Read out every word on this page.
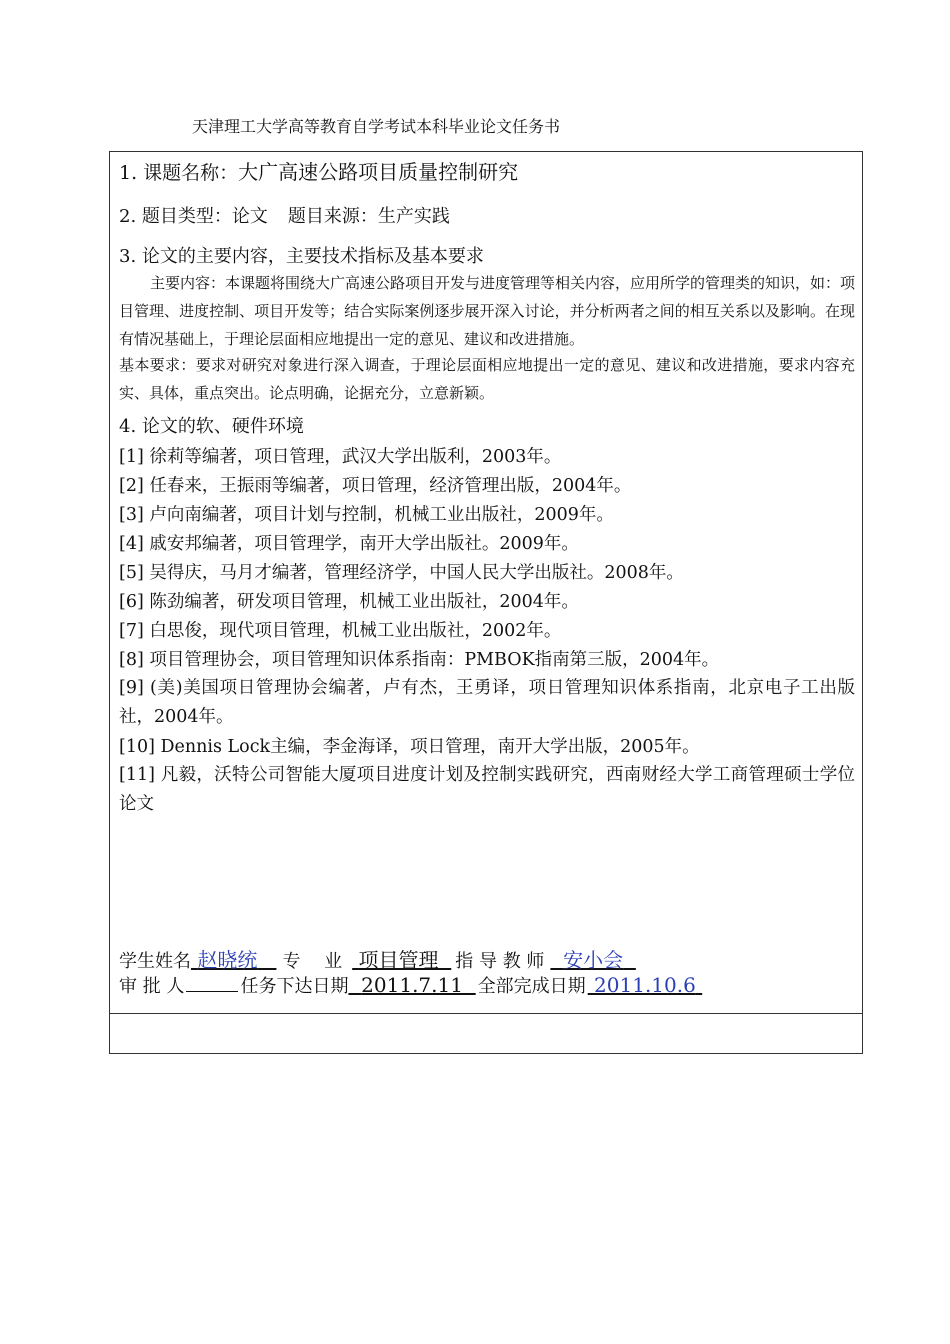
天津理工大学高等教育自学考试本科毕业论文任务书
1. 课题名称：大广高速公路项目质量控制研究
2. 题目类型：论文 题目来源：生产实践
3. 论文的主要内容，主要技术指标及基本要求
主要内容：本课题将围绕大广高速公路项目开发与进度管理等相关内容，应用所学的管理类的知识，如：项目管理、进度控制、项目开发等；结合实际案例逐步展开深入讨论，并分析两者之间的相互关系以及影响。在现有情况基础上，于理论层面相应地提出一定的意见、建议和改进措施。
基本要求：要求对研究对象进行深入调查，于理论层面相应地提出一定的意见、建议和改进措施，要求内容充实、具体，重点突出。论点明确，论据充分，立意新颖。
4. 论文的软、硬件环境
[1] 徐莉等编著，项日管理，武汉大学出版利，2003年。
[2] 任春来，王振雨等编著，项日管理，经济管理出版，2004年。
[3] 卢向南编著，项目计划与控制，机械工业出版社，2009年。
[4] 戚安邦编著，项目管理学，南开大学出版社。2009年。
[5] 吴得庆，马月才编著，管理经济学，中国人民大学出版社。2008年。
[6] 陈劲编著，研发项目管理，机械工业出版社，2004年。
[7] 白思俊，现代项目管理，机械工业出版社，2002年。
[8] 项目管理协会，项目管理知识体系指南：PMBOK指南第三版，2004年。
[9] (美)美国项日管理协会编著，卢有杰，王勇译，项日管理知识体系指南，北京电子工出版社，2004年。
[10] Dennis Lock主编，李金海译，项日管理，南开大学出版，2005年。
[11] 凡毅，沃特公司智能大厦项目进度计划及控制实践研究，西南财经大学工商管理硕士学位论文
学生姓名 赵晓统 专　 业 项目管理 指 导 教 师 安小会
审 批 人	任务下达日期 2011.7.11 全部完成日期 2011.10.6
